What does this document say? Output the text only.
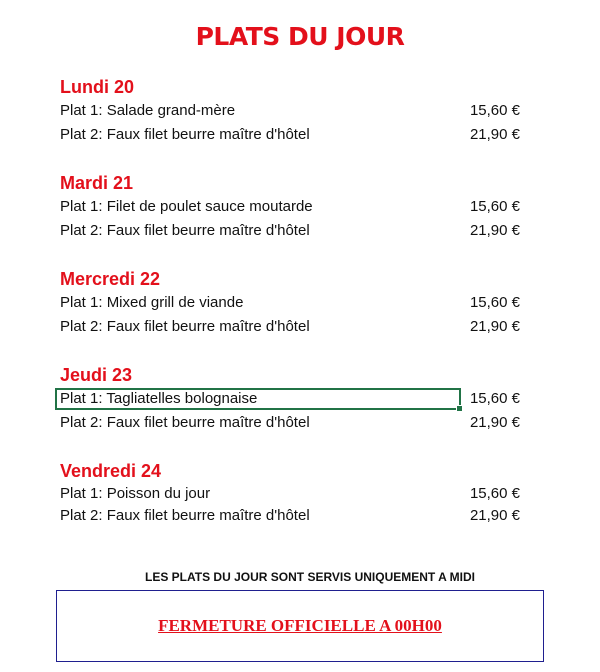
PLATS DU JOUR
Lundi 20
Plat 1: Salade grand-mère	15,60 €
Plat 2: Faux filet beurre maître d'hôtel	21,90 €
Mardi 21
Plat 1: Filet de poulet sauce moutarde	15,60 €
Plat 2: Faux filet beurre maître d'hôtel	21,90 €
Mercredi 22
Plat 1: Mixed grill de viande	15,60 €
Plat 2: Faux filet beurre maître d'hôtel	21,90 €
Jeudi 23
Plat 1: Tagliatelles bolognaise	15,60 €
Plat 2: Faux filet beurre maître d'hôtel	21,90 €
Vendredi 24
Plat 1: Poisson du jour	15,60 €
Plat 2: Faux filet beurre maître d'hôtel	21,90 €
LES PLATS DU JOUR SONT SERVIS UNIQUEMENT A MIDI
FERMETURE OFFICIELLE A 00H00
